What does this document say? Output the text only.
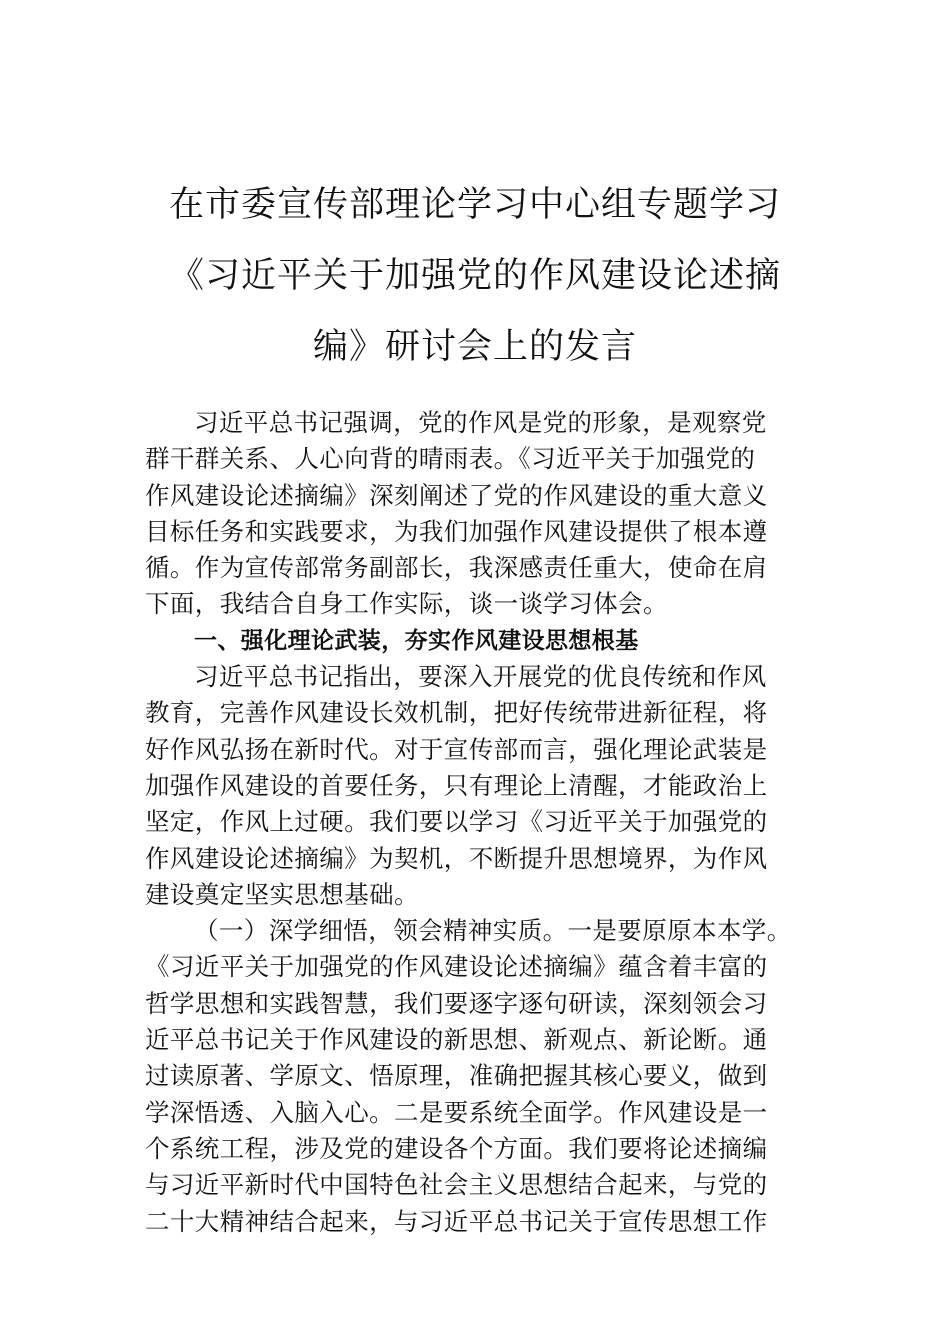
在市委宣传部理论学习中心组专题学习
《习近平关于加强党的作风建设论述摘
编》研讨会上的发言
习近平总书记强调，党的作风是党的形象，是观察党
群干群关系、人心向背的晴雨表。《习近平关于加强党的
作风建设论述摘编》深刻阐述了党的作风建设的重大意义
目标任务和实践要求，为我们加强作风建设提供了根本遵
循。作为宣传部常务副部长，我深感责任重大，使命在肩
下面，我结合自身工作实际，谈一谈学习体会。
一、强化理论武装，夯实作风建设思想根基
习近平总书记指出，要深入开展党的优良传统和作风
教育，完善作风建设长效机制，把好传统带进新征程，将
好作风弘扬在新时代。对于宣传部而言，强化理论武装是
加强作风建设的首要任务，只有理论上清醒，才能政治上
坚定，作风上过硬。我们要以学习《习近平关于加强党的
作风建设论述摘编》为契机，不断提升思想境界，为作风
建设奠定坚实思想基础。
（一）深学细悟，领会精神实质。一是要原原本本学。
《习近平关于加强党的作风建设论述摘编》蕴含着丰富的
哲学思想和实践智慧，我们要逐字逐句研读，深刻领会习
近平总书记关于作风建设的新思想、新观点、新论断。通
过读原著、学原文、悟原理，准确把握其核心要义，做到
学深悟透、入脑入心。二是要系统全面学。作风建设是一
个系统工程，涉及党的建设各个方面。我们要将论述摘编
与习近平新时代中国特色社会主义思想结合起来，与党的
二十大精神结合起来，与习近平总书记关于宣传思想工作
